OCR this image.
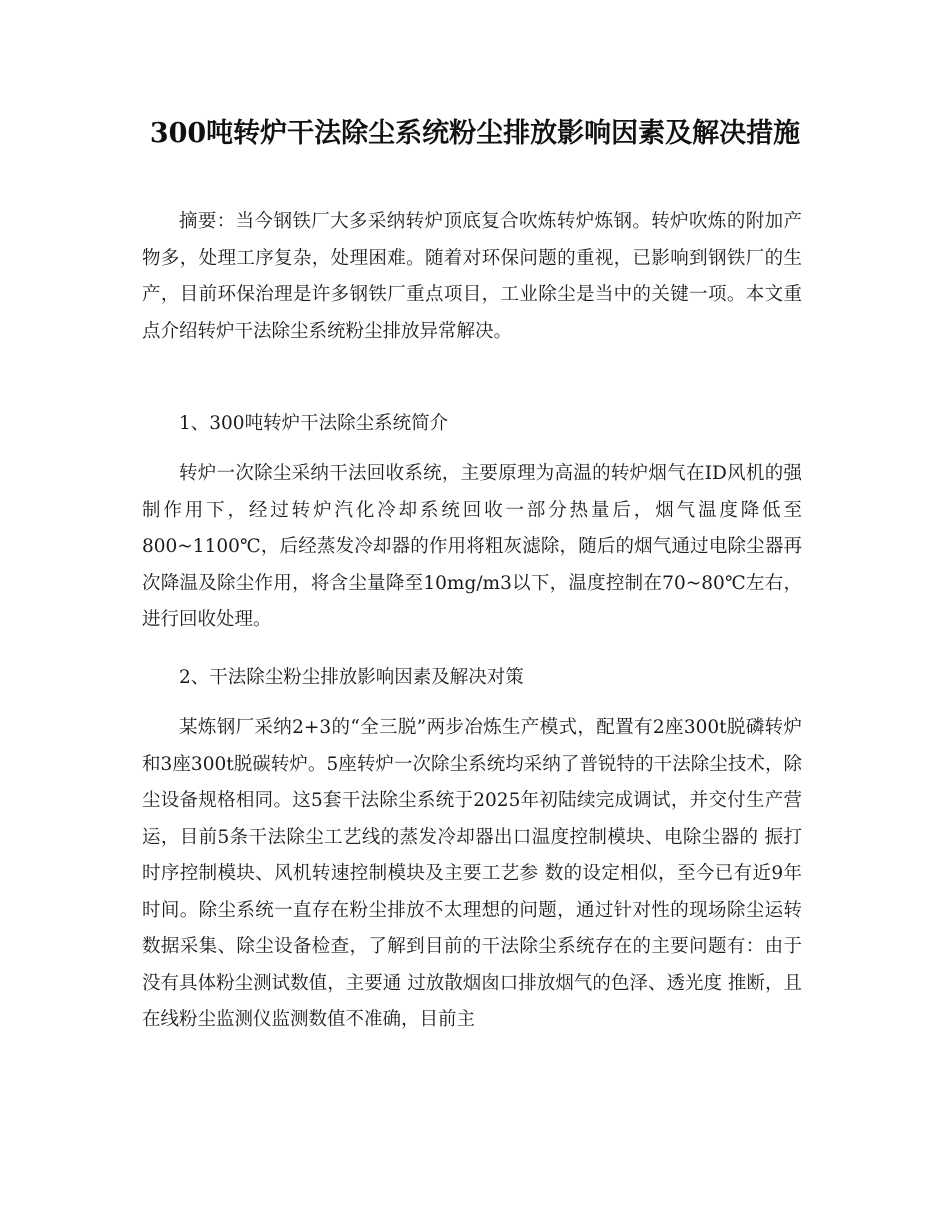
300吨转炉干法除尘系统粉尘排放影响因素及解决措施

摘要：当今钢铁厂大多采纳转炉顶底复合吹炼转炉炼钢。转炉吹炼的附加产物多，处理工序复杂，处理困难。随着对环保问题的重视，已影响到钢铁厂的生产，目前环保治理是许多钢铁厂重点项目，工业除尘是当中的关键一项。本文重点介绍转炉干法除尘系统粉尘排放异常解决。

1、300吨转炉干法除尘系统简介

转炉一次除尘采纳干法回收系统，主要原理为高温的转炉烟气在ID风机的强制作用下，经过转炉汽化冷却系统回收一部分热量后，烟气温度降低至800~1100℃，后经蒸发冷却器的作用将粗灰滤除，随后的烟气通过电除尘器再次降温及除尘作用，将含尘量降至10mg/m3以下，温度控制在70~80℃左右，进行回收处理。

2、干法除尘粉尘排放影响因素及解决对策

某炼钢厂采纳2+3的“全三脱”两步冶炼生产模式，配置有2座300t脱磷转炉和3座300t脱碳转炉。5座转炉一次除尘系统均采纳了普锐特的干法除尘技术，除尘设备规格相同。这5套干法除尘系统于2025年初陆续完成调试，并交付生产营运，目前5条干法除尘工艺线的蒸发冷却器出口温度控制模块、电除尘器的 振打时序控制模块、风机转速控制模块及主要工艺参 数的设定相似，至今已有近9年时间。除尘系统一直存在粉尘排放不太理想的问题，通过针对性的现场除尘运转数据采集、除尘设备检查，了解到目前的干法除尘系统存在的主要问题有：由于没有具体粉尘测试数值，主要通 过放散烟囱口排放烟气的色泽、透光度 推断，且在线粉尘监测仪监测数值不准确，目前主
